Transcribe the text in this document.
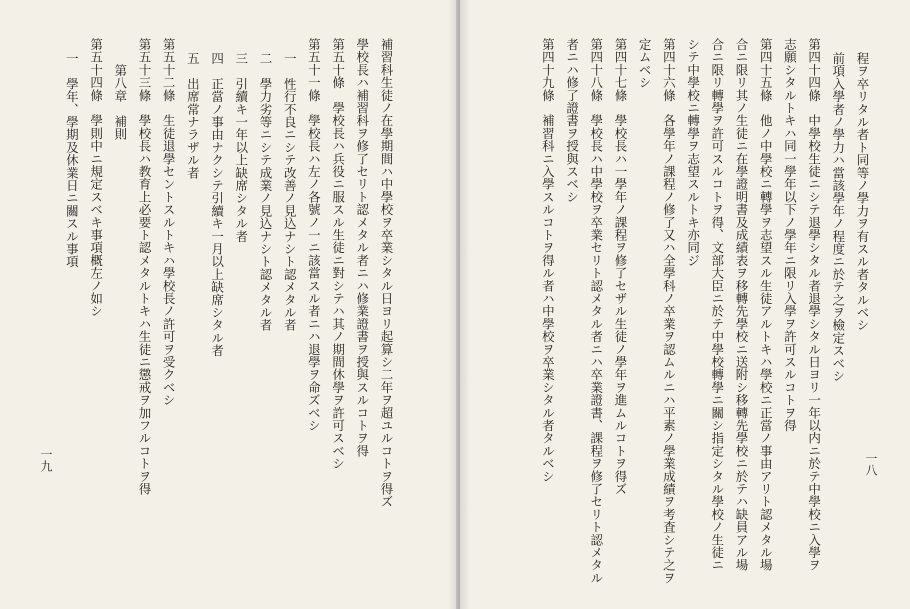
補習科生徒ノ在學期間ハ中學校ヲ卒業シタル日ヨリ起算シ二年ヲ超ユルコトヲ得ズ
學校長ハ補習科ヲ修了セリト認メタル者ニハ修業證書ヲ授與スルコトヲ得
第五十條　學校長ハ兵役ニ服スル生徒ニ對シテハ其ノ期間休學ヲ許可スベシ
第五十一條　學校長ハ左ノ各號ノ一ニ該當スル者ニハ退學ヲ命ズベシ
一　性行不良ニシテ改善ノ見込ナシト認メタル者
二　學力劣等ニシテ成業ノ見込ナシト認メタル者
三　引續キ一年以上缺席シタル者
四　正當ノ事由ナクシテ引續キ一月以上缺席シタル者
五　出席常ナラザル者
第五十二條　生徒退學セントスルトキハ學校長ノ許可ヲ受クベシ
第五十三條　學校長ハ教育上必要ト認メタルトキハ生徒ニ懲戒ヲ加フルコトヲ得
第八章　補則
第五十四條　學則中ニ規定スベキ事項概左ノ如シ
一　學年、學期及休業日ニ關スル事項
一九
程ヲ卒リタル者ト同等ノ學力ヲ有スル者タルベシ
前項入學者ノ學力ハ當該學年ノ程度ニ於テ之ヲ檢定スベシ
第四十四條　中學校生徒ニシテ退學シタル者退學シタル日ヨリ一年以内ニ於テ中學校ニ入學ヲ
志願シタルトキハ同一學年以下ノ學年ニ限リ入學ヲ許可スルコトヲ得
第四十五條　他ノ中學校ニ轉學ヲ志望スル生徒アルトキハ學校ニ正當ノ事由アリト認メタル場
合ニ限リ其ノ生徒ニ在學證明書及成績表ヲ移轉先學校ニ送附シ移轉先學校ニ於テハ缺員アル場
合ニ限リ轉學ヲ許可スルコトヲ得、文部大臣ニ於テ中學校轉學ニ關シ指定シタル學校ノ生徒ニ
シテ中學校ニ轉學ヲ志望スルトキ亦同ジ
第四十六條　各學年ノ課程ノ修了又ハ全學科ノ卒業ヲ認ムルニハ平素ノ學業成績ヲ考査シテ之ヲ
定ムベシ
第四十七條　學校長ハ一學年ノ課程ヲ修了セザル生徒ノ學年ヲ進ムルコトヲ得ズ
第四十八條　學校長ハ中學校ヲ卒業セリト認メタル者ニハ卒業證書、課程ヲ修了セリト認メタル
者ニハ修了證書ヲ授與スベシ
第四十九條　補習科ニ入學スルコトヲ得ル者ハ中學校ヲ卒業シタル者タルベシ	一八
